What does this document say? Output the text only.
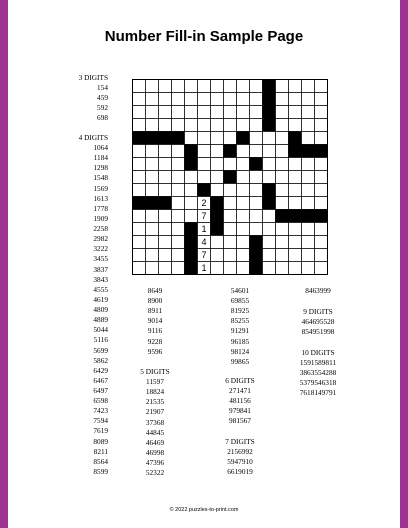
Number Fill-in Sample Page
3 DIGITS
154
459
592
698
4 DIGITS
1064
1184
1298
1548
1569
1613
1778
1909
2258
2982
3222
3455
3837
3843
4555
4619
4809
4889
5044
5116
5699
5862
6429
6467
6497
6598
7423
7594
7619
8089
8211
8564
8599
8649
8900
8911
9014
9116
9228
9596
5 DIGITS
11597
18824
21535
21907
37368
44845
46469
46998
47396
52322
54601
69855
81925
85255
91291
96185
98124
99865
6 DIGITS
271471
481156
979841
981567
7 DIGITS
2156992
5947910
6619019
8463999
9 DIGITS
464695528
854951998
10 DIGITS
1591589811
3863554288
5379546318
7618149791
2
7
1
4
7
1
© 2022 puzzles-to-print.com
